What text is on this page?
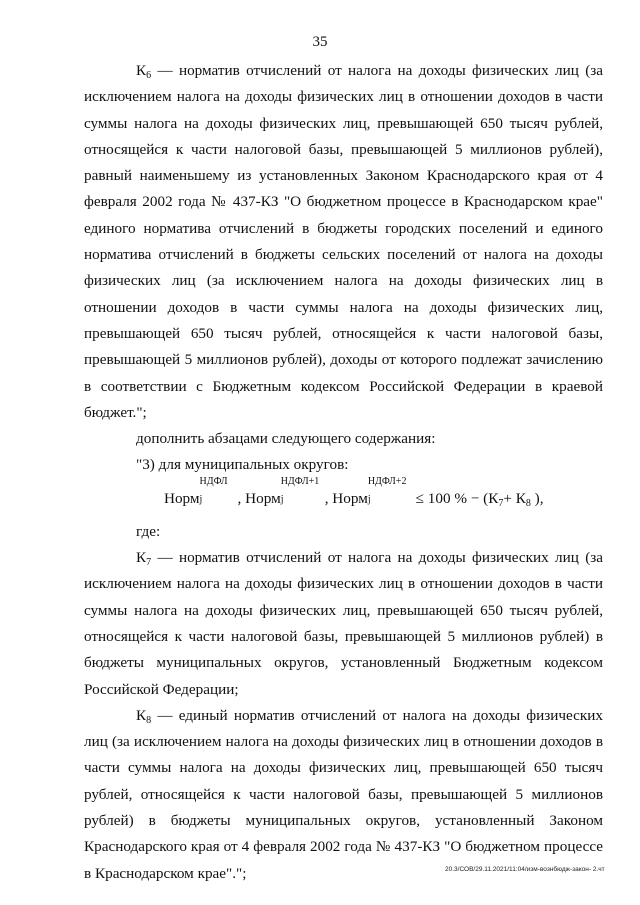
35

$К_6$ — норматив отчислений от налога на доходы физических лиц (за исключением налога на доходы физических лиц в отношении доходов в части суммы налога на доходы физических лиц, превышающей 650 тысяч рублей, относящейся к части налоговой базы, превышающей 5 миллионов рублей), равный наименьшему из установленных Законом Краснодарского края от 4 февраля 2002 года № 437-КЗ "О бюджетном процессе в Краснодарском крае" единого норматива отчислений в бюджеты городских поселений и единого норматива отчислений в бюджеты сельских поселений от налога на доходы физических лиц (за исключением налога на доходы физических лиц в отношении доходов в части суммы налога на доходы физических лиц, превышающей 650 тысяч рублей, относящейся к части налоговой базы, превышающей 5 миллионов рублей), доходы от которого подлежат зачислению в соответствии с Бюджетным кодексом Российской Федерации в краевой бюджет.";

дополнить абзацами следующего содержания:

"3) для муниципальных округов:

Норм
НДФЛ
j , Норм
НДФЛ+1
j	, Норм
НДФЛ+2
j	≤ 100 % − ($К_7+ К_8$ ),

где:

$К_7$ — норматив отчислений от налога на доходы физических лиц (за исключением налога на доходы физических лиц в отношении доходов в части суммы налога на доходы физических лиц, превышающей 650 тысяч рублей, относящейся к части налоговой базы, превышающей 5 миллионов рублей) в бюджеты муниципальных округов, установленный Бюджетным кодексом Российской Федерации;

$К_8$ — единый норматив отчислений от налога на доходы физических лиц (за исключением налога на доходы физических лиц в отношении доходов в части суммы налога на доходы физических лиц, превышающей 650 тысяч рублей, относящейся к части налоговой базы, превышающей 5 миллионов рублей) в бюджеты муниципальных округов, установленный Законом Краснодарского края от 4 февраля 2002 года № 437-КЗ "О бюджетном процессе в Краснодарском крае".";	20.3/СОВ/29.11.2021/11:04/изм-вознбюдж-закон- 2.чт
